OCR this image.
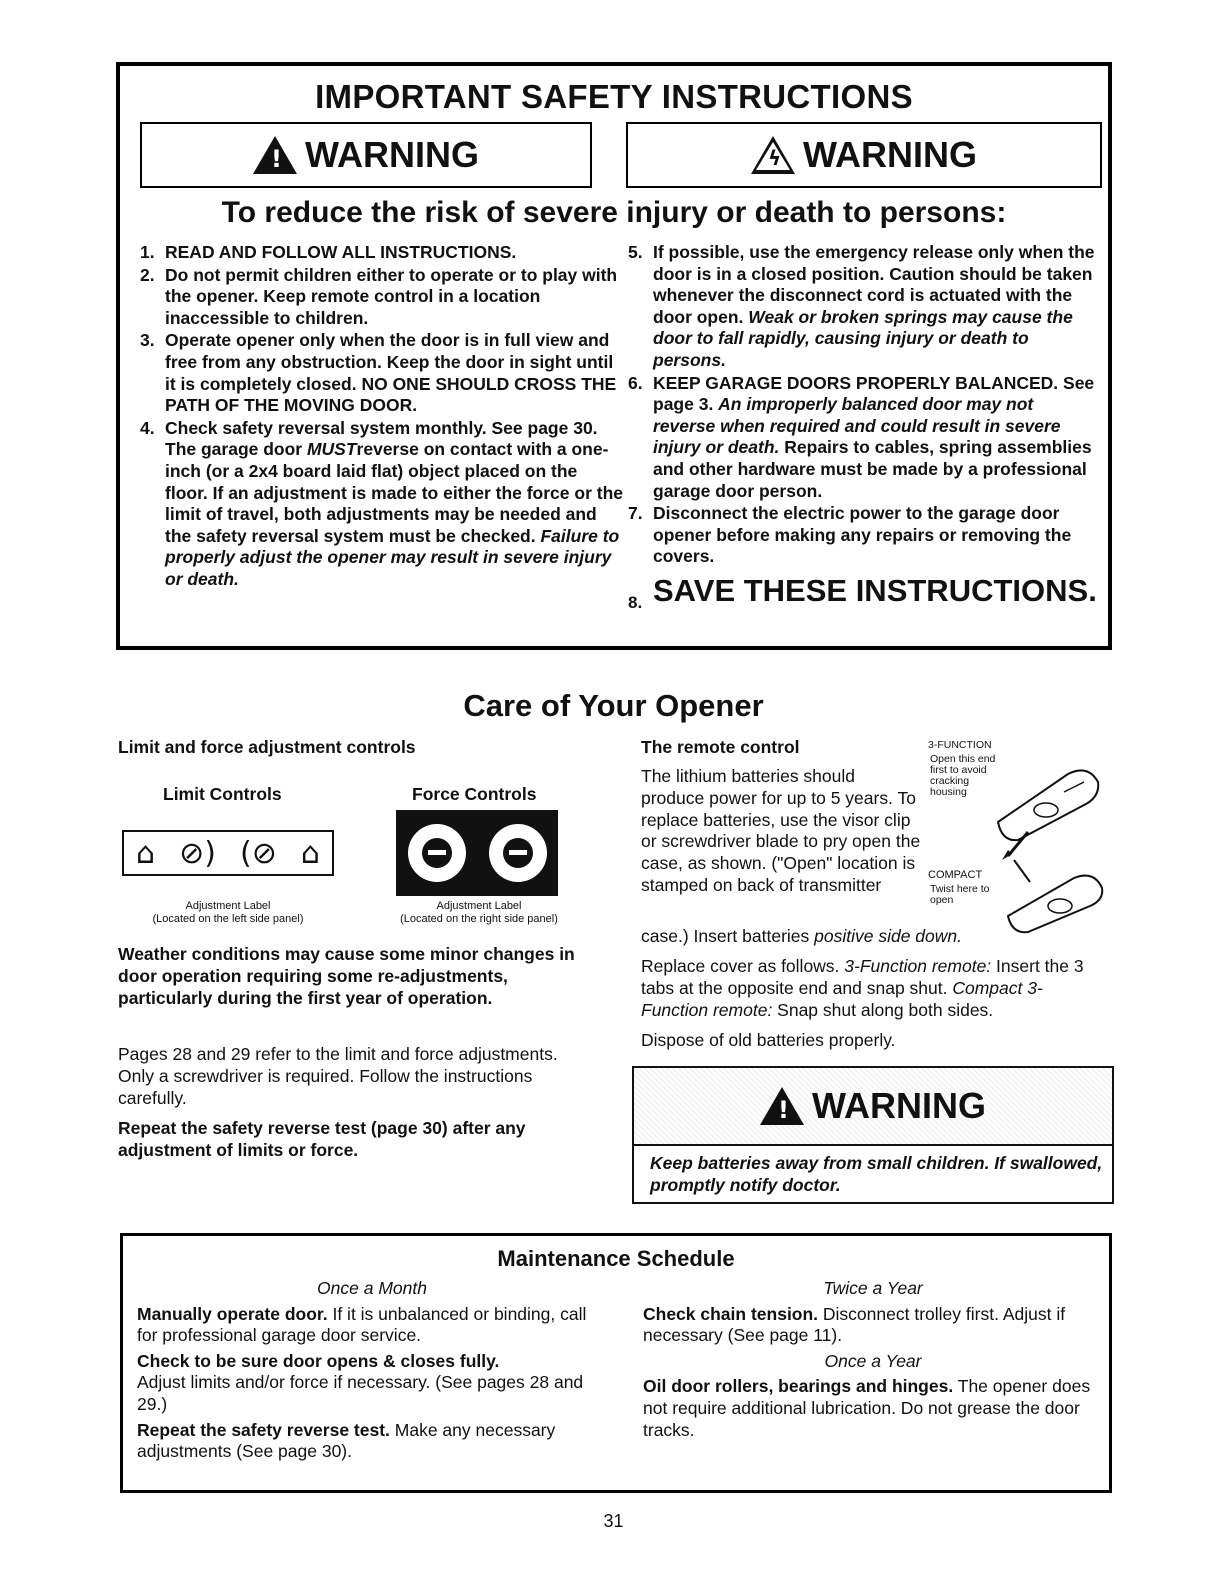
IMPORTANT SAFETY INSTRUCTIONS
! WARNING	ϟ WARNING
To reduce the risk of severe injury or death to persons:
1. READ AND FOLLOW ALL INSTRUCTIONS.
2. Do not permit children either to operate or to play with the opener. Keep remote control in a location inaccessible to children.
3. Operate opener only when the door is in full view and free from any obstruction. Keep the door in sight until it is completely closed. NO ONE SHOULD CROSS THE PATH OF THE MOVING DOOR.
4. Check safety reversal system monthly. See page 30. The garage door MUSTreverse on contact with a one-inch (or a 2x4 board laid flat) object placed on the floor. If an adjustment is made to either the force or the limit of travel, both adjustments may be needed and the safety reversal system must be checked. Failure to properly adjust the opener may result in severe injury or death.
5. If possible, use the emergency release only when the door is in a closed position. Caution should be taken whenever the disconnect cord is actuated with the door open. Weak or broken springs may cause the door to fall rapidly, causing injury or death to persons.
6. KEEP GARAGE DOORS PROPERLY BALANCED. See page 3. An improperly balanced door may not reverse when required and could result in severe injury or death. Repairs to cables, spring assemblies and other hardware must be made by a professional garage door person.
7. Disconnect the electric power to the garage door opener before making any repairs or removing the covers.
8. SAVE THESE INSTRUCTIONS.
Care of Your Opener
Limit and force adjustment controls
Limit Controls	Force Controls
⌂ ⊘) (⊘ ⌂
Adjustment Label
(Located on the left side panel)
Adjustment Label
(Located on the right side panel)
Weather conditions may cause some minor changes in door operation requiring some re-adjustments, particularly during the first year of operation.
Pages 28 and 29 refer to the limit and force adjustments. Only a screwdriver is required. Follow the instructions carefully.
Repeat the safety reverse test (page 30) after any adjustment of limits or force.
The remote control
The lithium batteries should produce power for up to 5 years. To replace batteries, use the visor clip or screwdriver blade to pry open the case, as shown. ("Open" location is stamped on back of transmitter
case.) Insert batteries positive side down.
Replace cover as follows. 3-Function remote: Insert the 3 tabs at the opposite end and snap shut. Compact 3-Function remote: Snap shut along both sides.
Dispose of old batteries properly.
3-FUNCTION
Open this end first to avoid cracking housing
COMPACT
Twist here to open
! WARNING
Keep batteries away from small children. If swallowed, promptly notify doctor.
Maintenance Schedule
Once a Month
Manually operate door. If it is unbalanced or binding, call for professional garage door service.
Check to be sure door opens & closes fully.
Adjust limits and/or force if necessary. (See pages 28 and 29.)
Repeat the safety reverse test. Make any necessary adjustments (See page 30).
Twice a Year
Check chain tension. Disconnect trolley first. Adjust if necessary (See page 11).
Once a Year
Oil door rollers, bearings and hinges. The opener does not require additional lubrication. Do not grease the door tracks.
31
